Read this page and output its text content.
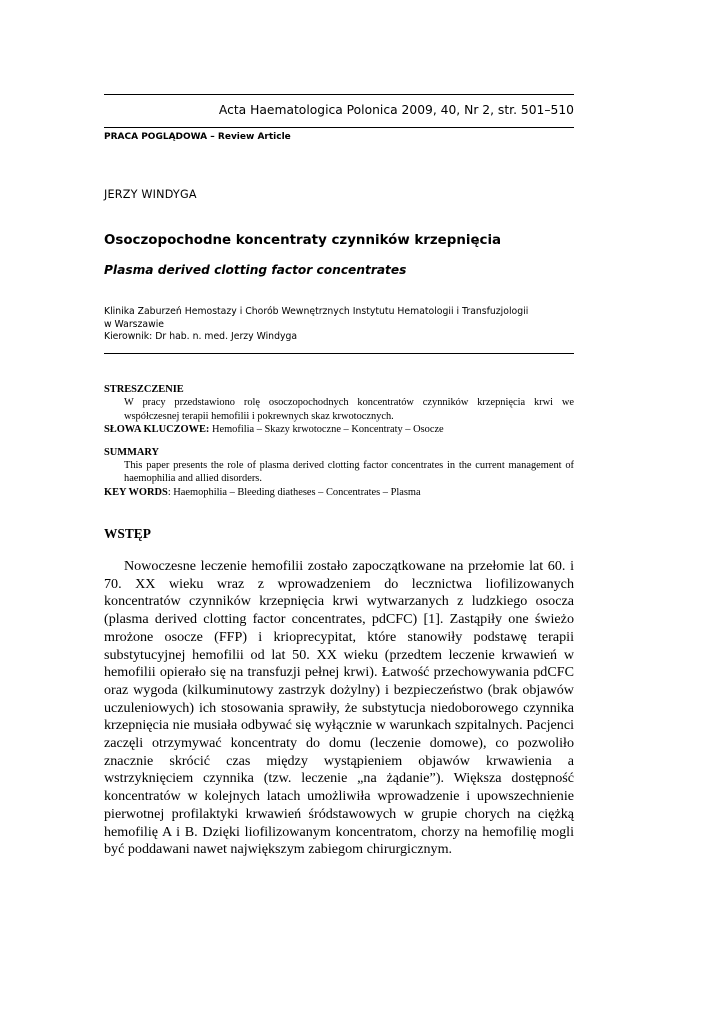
Acta Haematologica Polonica 2009, 40, Nr 2, str. 501–510
PRACA POGLĄDOWA – Review Article
JERZY WINDYGA
Osoczopochodne koncentraty czynników krzepnięcia
Plasma derived clotting factor concentrates
Klinika Zaburzeń Hemostazy i Chorób Wewnętrznych Instytutu Hematologii i Transfuzjologii
w Warszawie
Kierownik: Dr hab. n. med. Jerzy Windyga
STRESZCZENIE
W pracy przedstawiono rolę osoczopochodnych koncentratów czynników krzepnięcia krwi we współczesnej terapii hemofilii i pokrewnych skaz krwotocznych.
SŁOWA KLUCZOWE: Hemofilia – Skazy krwotoczne – Koncentraty – Osocze
SUMMARY
This paper presents the role of plasma derived clotting factor concentrates in the current management of haemophilia and allied disorders.
KEY WORDS: Haemophilia – Bleeding diatheses – Concentrates – Plasma
WSTĘP
Nowoczesne leczenie hemofilii zostało zapoczątkowane na przełomie lat 60. i 70. XX wieku wraz z wprowadzeniem do lecznictwa liofilizowanych koncentratów czynników krzepnięcia krwi wytwarzanych z ludzkiego osocza (plasma derived clotting factor concentrates, pdCFC) [1]. Zastąpiły one świeżo mrożone osocze (FFP) i krioprecypitat, które stanowiły podstawę terapii substytucyjnej hemofilii od lat 50. XX wieku (przedtem leczenie krwawień w hemofilii opierało się na transfuzji pełnej krwi). Łatwość przechowywania pdCFC oraz wygoda (kilkuminutowy zastrzyk dożylny) i bezpieczeństwo (brak objawów uczuleniowych) ich stosowania sprawiły, że substytucja niedoborowego czynnika krzepnięcia nie musiała odbywać się wyłącznie w warunkach szpitalnych. Pacjenci zaczęli otrzymywać koncentraty do domu (leczenie domowe), co pozwoliło znacznie skrócić czas między wystąpieniem objawów krwawienia a wstrzyknięciem czynnika (tzw. leczenie „na żądanie”). Większa dostępność koncentratów w kolejnych latach umożliwiła wprowadzenie i upowszechnienie pierwotnej profilaktyki krwawień śródstawowych w grupie chorych na ciężką hemofilię A i B. Dzięki liofilizowanym koncentratom, chorzy na hemofilię mogli być poddawani nawet największym zabiegom chirurgicznym.
